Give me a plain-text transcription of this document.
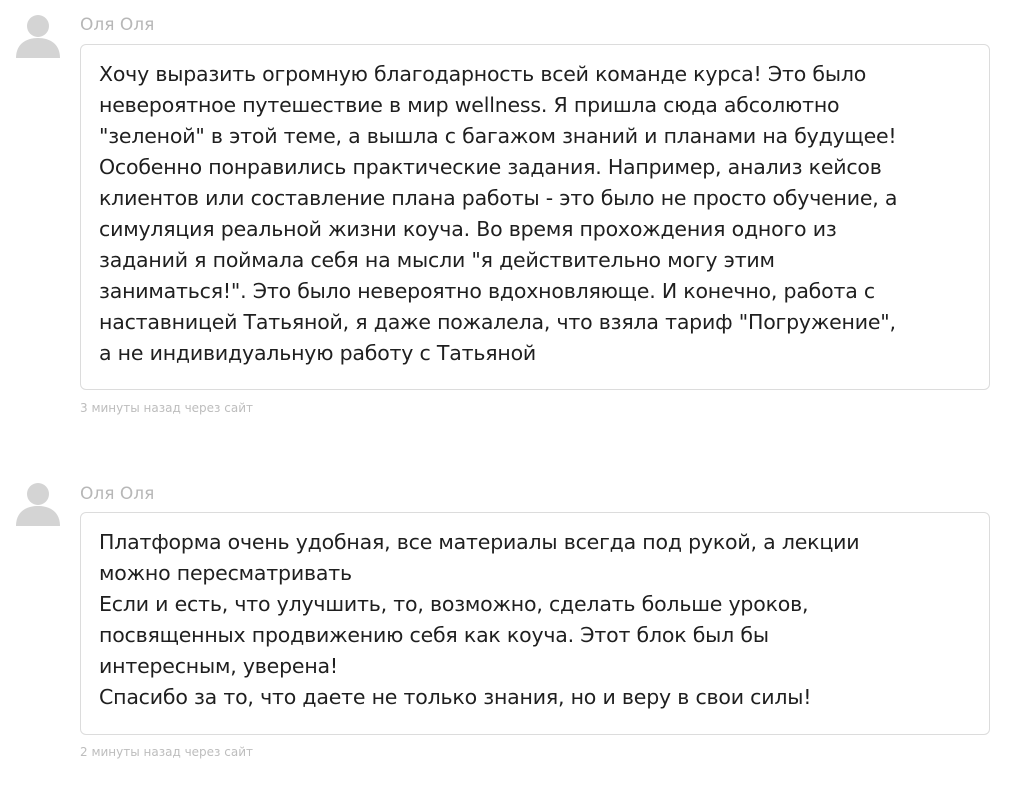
Оля Оля

Хочу выразить огромную благодарность всей команде курса! Это было
невероятное путешествие в мир wellness. Я пришла сюда абсолютно
"зеленой" в этой теме, а вышла с багажом знаний и планами на будущее!
Особенно понравились практические задания. Например, анализ кейсов
клиентов или составление плана работы - это было не просто обучение, а
симуляция реальной жизни коуча. Во время прохождения одного из
заданий я поймала себя на мысли "я действительно могу этим
заниматься!". Это было невероятно вдохновляюще. И конечно, работа с
наставницей Татьяной, я даже пожалела, что взяла тариф "Погружение",
а не индивидуальную работу с Татьяной

3 минуты назад через сайт
Оля Оля

Платформа очень удобная, все материалы всегда под рукой, а лекции
можно пересматривать
Если и есть, что улучшить, то, возможно, сделать больше уроков,
посвященных продвижению себя как коуча. Этот блок был бы
интересным, уверена!
Спасибо за то, что даете не только знания, но и веру в свои силы!

2 минуты назад через сайт
